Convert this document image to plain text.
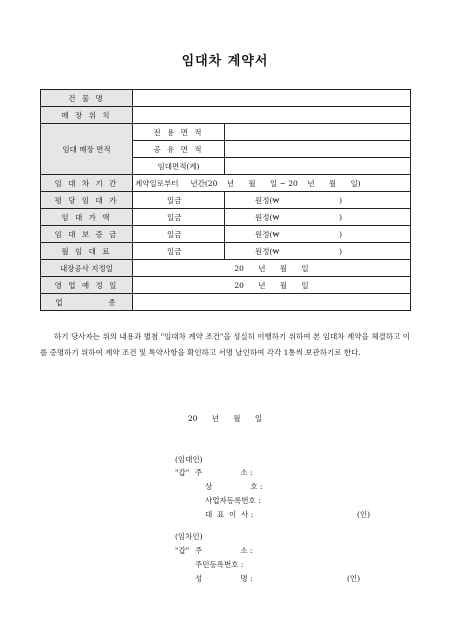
임대차 계약서
건 물 명		
매 장 위 치		
임대 매장 면적	전 용 면 적	
	공 유 면 적	
	임대면적(계)	
임 대 차 기 간	계약일로부터     년간(20    년      월      일 ~ 20    년      월      일)	
평 당 임 대 가	일금	원정(₩                         )
임 대 가 액	일금	원정(₩                         )
임 대 보 증 금	일금	원정(₩                         )
월 임 대 료	일금	원정(₩                         )
내장공사 지정일	20      년      월      일	
영 업 예 정 일	20      년      월      일	
업          종		
하기 당사자는 위의 내용과 별첨 "임대차 계약 조건"을 성실히 이행하기 위하여 본 임대차 계약을 체결하고 이를 증명하기 위하여 계약 조건 및 특약사항을 확인하고 서명 날인하여 각각 1통씩 보관하기로 한다.
20      년      월      일
(임대인)
"갑" 주                소 :
상                호 :
사업자등록번호 :
대  표  이  사 :	(인)
(임차인)
"갑" 주                소 :
주민등록번호 :
성                명 :	(인)
